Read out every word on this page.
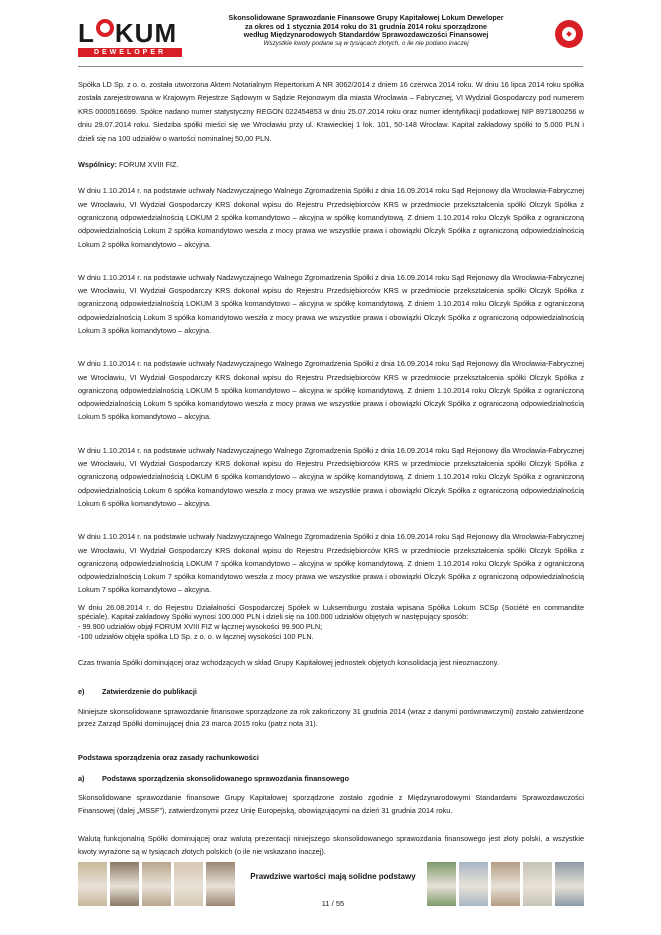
L KUM
DEWELOPER
Skonsolidowane Sprawozdanie Finansowe Grupy Kapitałowej Lokum Deweloper
za okres od 1 stycznia 2014 roku do 31 grudnia 2014 roku sporządzone
według Międzynarodowych Standardów Sprawozdawczości Finansowej
Wszystkie kwoty podane są w tysiącach złotych, o ile nie podano inaczej

Spółka LD Sp. z o. o. została utworzona Aktem Notarialnym Repertorium A NR 3062/2014 z dniem 16 czerwca 2014 roku. W dniu 16 lipca 2014 roku spółka została zarejestrowana w Krajowym Rejestrze Sądowym w Sądzie Rejonowym dla miasta Wrocławia – Fabrycznej, VI Wydział Gospodarczy pod numerem KRS 0000516699. Spółce nadano numer statystyczny REGON 022454853 w dniu 25.07.2014 roku oraz numer identyfikacji podatkowej NIP 8971800256 w dniu 29.07.2014 roku. Siedziba spółki mieści się we Wrocławiu przy ul. Krawieckiej 1 lok. 101, 50-148 Wrocław. Kapitał zakładowy spółki to 5.000 PLN i dzieli się na 100 udziałów o wartości nominalnej 50,00 PLN.

Wspólnicy: FORUM XVIII FIZ.

W dniu 1.10.2014 r. na podstawie uchwały Nadzwyczajnego Walnego Zgromadzenia Spółki z dnia 16.09.2014 roku Sąd Rejonowy dla Wrocławia-Fabrycznej we Wrocławiu, VI Wydział Gospodarczy KRS dokonał wpisu do Rejestru Przedsiębiorców KRS w przedmiocie przekształcenia spółki Olczyk Spółka z ograniczoną odpowiedzialnością LOKUM 2 spółka komandytowo – akcyjna w spółkę komandytową. Z dniem 1.10.2014 roku Olczyk Spółka z ograniczoną odpowiedzialnością Lokum 2 spółka komandytowo weszła z mocy prawa we wszystkie prawa i obowiązki Olczyk Spółka z ograniczoną odpowiedzialnością Lokum 2 spółka komandytowo – akcyjna.

W dniu 1.10.2014 r. na podstawie uchwały Nadzwyczajnego Walnego Zgromadzenia Spółki z dnia 16.09.2014 roku Sąd Rejonowy dla Wrocławia-Fabrycznej we Wrocławiu, VI Wydział Gospodarczy KRS dokonał wpisu do Rejestru Przedsiębiorców KRS w przedmiocie przekształcenia spółki Olczyk Spółka z ograniczoną odpowiedzialnością LOKUM 3 spółka komandytowo – akcyjna w spółkę komandytową. Z dniem 1.10.2014 roku Olczyk Spółka z ograniczoną odpowiedzialnością Lokum 3 spółka komandytowo weszła z mocy prawa we wszystkie prawa i obowiązki Olczyk Spółka z ograniczoną odpowiedzialnością Lokum 3 spółka komandytowo – akcyjna.

W dniu 1.10.2014 r. na podstawie uchwały Nadzwyczajnego Walnego Zgromadzenia Spółki z dnia 16.09.2014 roku Sąd Rejonowy dla Wrocławia-Fabrycznej we Wrocławiu, VI Wydział Gospodarczy KRS dokonał wpisu do Rejestru Przedsiębiorców KRS w przedmiocie przekształcenia spółki Olczyk Spółka z ograniczoną odpowiedzialnością LOKUM 5 spółka komandytowo – akcyjna w spółkę komandytową. Z dniem 1.10.2014 roku Olczyk Spółka z ograniczoną odpowiedzialnością Lokum 5 spółka komandytowo weszła z mocy prawa we wszystkie prawa i obowiązki Olczyk Spółka z ograniczoną odpowiedzialnością Lokum 5 spółka komandytowo – akcyjna.

W dniu 1.10.2014 r. na podstawie uchwały Nadzwyczajnego Walnego Zgromadzenia Spółki z dnia 16.09.2014 roku Sąd Rejonowy dla Wrocławia-Fabrycznej we Wrocławiu, VI Wydział Gospodarczy KRS dokonał wpisu do Rejestru Przedsiębiorców KRS w przedmiocie przekształcenia spółki Olczyk Spółka z ograniczoną odpowiedzialnością LOKUM 6 spółka komandytowo – akcyjna w spółkę komandytową. Z dniem 1.10.2014 roku Olczyk Spółka z ograniczoną odpowiedzialnością Lokum 6 spółka komandytowo weszła z mocy prawa we wszystkie prawa i obowiązki Olczyk Spółka z ograniczoną odpowiedzialnością Lokum 6 spółka komandytowo – akcyjna.

W dniu 1.10.2014 r. na podstawie uchwały Nadzwyczajnego Walnego Zgromadzenia Spółki z dnia 16.09.2014 roku Sąd Rejonowy dla Wrocławia-Fabrycznej we Wrocławiu, VI Wydział Gospodarczy KRS dokonał wpisu do Rejestru Przedsiębiorców KRS w przedmiocie przekształcenia spółki Olczyk Spółka z ograniczoną odpowiedzialnością LOKUM 7 spółka komandytowo – akcyjna w spółkę komandytową. Z dniem 1.10.2014 roku Olczyk Spółka z ograniczoną odpowiedzialnością Lokum 7 spółka komandytowo weszła z mocy prawa we wszystkie prawa i obowiązki Olczyk Spółka z ograniczoną odpowiedzialnością Lokum 7 spółka komandytowo – akcyjna.

W dniu 26.08.2014 r. do Rejestru Działalności Gospodarczej Spółek w Luksemburgu została wpisana Spółka Lokum SCSp (Société en commandite spéciale). Kapitał zakładowy Spółki wynosi 100.000 PLN i dzieli się na 100.000 udziałów objętych w następujący sposób:
- 99.900 udziałów objął FORUM XVIII FIZ w łącznej wysokości 99.900 PLN;
-100 udziałów objęła spółka LD Sp. z o. o. w łącznej wysokości 100 PLN.

Czas trwania Spółki dominującej oraz wchodzących w skład Grupy Kapitałowej jednostek objętych konsolidacją jest nieoznaczony.

e)	Zatwierdzenie do publikacji

Niniejsze skonsolidowane sprawozdanie finansowe sporządzone za rok zakończony 31 grudnia 2014 (wraz z danymi porównawczymi) zostało zatwierdzone przez Zarząd Spółki dominującej dnia 23 marca 2015 roku (patrz nota 31).

Podstawa sporządzenia oraz zasady rachunkowości
a)	Podstawa sporządzenia skonsolidowanego sprawozdania finansowego

Skonsolidowane sprawozdanie finansowe Grupy Kapitałowej sporządzone zostało zgodnie z Międzynarodowymi Standardami Sprawozdawczości Finansowej (dalej „MSSF”), zatwierdzonymi przez Unię Europejską, obowiązującymi na dzień 31 grudnia 2014 roku.

Walutą funkcjonalną Spółki dominującej oraz walutą prezentacji niniejszego skonsolidowanego sprawozdania finansowego jest złoty polski, a wszystkie kwoty wyrażone są w tysiącach złotych polskich (o ile nie wskazano inaczej).

Prawdziwe wartości mają solidne podstawy
11 / 55
